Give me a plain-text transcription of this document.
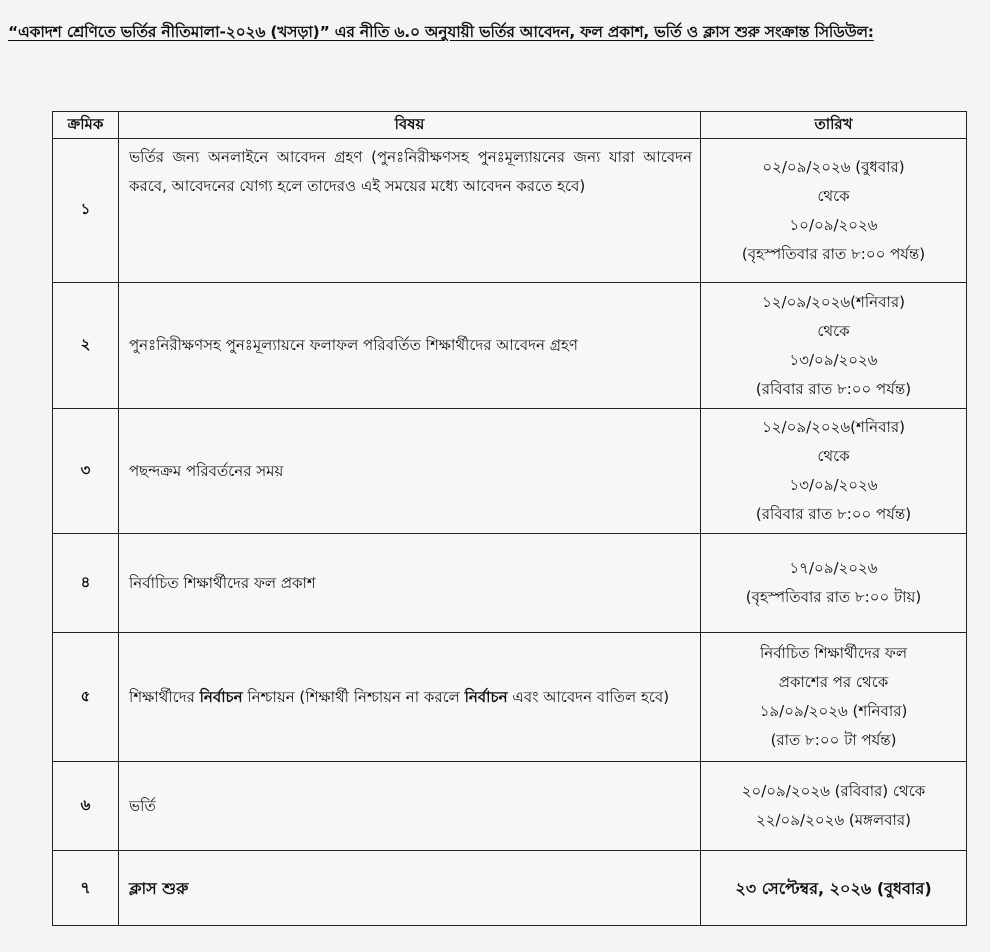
“একাদশ শ্রেণিতে ভর্তির নীতিমালা-২০২৬ (খসড়া)” এর নীতি ৬.০ অনুযায়ী ভর্তির আবেদন, ফল প্রকাশ, ভর্তি ও ক্লাস শুরু সংক্রান্ত সিডিউল:
ক্রমিক	বিষয়	তারিখ
১	ভর্তির জন্য অনলাইনে আবেদন গ্রহণ (পুনঃনিরীক্ষণসহ পুনঃমূল্যায়নের জন্য যারা আবেদন করবে, আবেদনের যোগ্য হলে তাদেরও এই সময়ের মধ্যে আবেদন করতে হবে)	০২/০৯/২০২৬ (বুধবার)
থেকে
১০/০৯/২০২৬
(বৃহস্পতিবার রাত ৮:০০ পর্যন্ত)

২	পুনঃনিরীক্ষণসহ পুনঃমূল্যায়নে ফলাফল পরিবর্তিত শিক্ষার্থীদের আবেদন গ্রহণ	১২/০৯/২০২৬(শনিবার)
থেকে
১৩/০৯/২০২৬
(রবিবার রাত ৮:০০ পর্যন্ত)

৩	পছন্দক্রম পরিবর্তনের সময়	১২/০৯/২০২৬(শনিবার)
থেকে
১৩/০৯/২০২৬
(রবিবার রাত ৮:০০ পর্যন্ত)

৪	নির্বাচিত শিক্ষার্থীদের ফল প্রকাশ	১৭/০৯/২০২৬
(বৃহস্পতিবার রাত ৮:০০ টায়)

৫	শিক্ষার্থীদের নির্বাচন নিশ্চায়ন (শিক্ষার্থী নিশ্চায়ন না করলে নির্বাচন এবং আবেদন বাতিল হবে)	নির্বাচিত শিক্ষার্থীদের ফল
প্রকাশের পর থেকে
১৯/০৯/২০২৬ (শনিবার)
(রাত ৮:০০ টা পর্যন্ত)

৬	ভর্তি	২০/০৯/২০২৬ (রবিবার) থেকে
২২/০৯/২০২৬ (মঙ্গলবার)

৭	ক্লাস শুরু	২৩ সেপ্টেম্বর, ২০২৬ (বুধবার)
